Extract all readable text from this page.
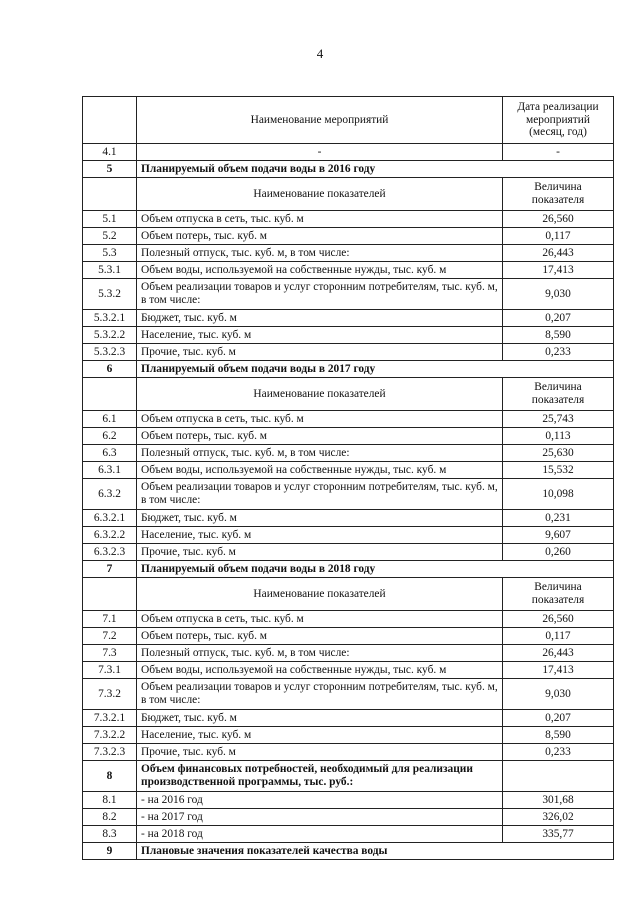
4
	Наименование мероприятий	Дата реализации мероприятий (месяц, год)
4.1	-	-
5	Планируемый объем подачи воды в 2016 году	
	Наименование показателей	Величина показателя
5.1	Объем отпуска в сеть, тыс. куб. м	26,560
5.2	Объем потерь, тыс. куб. м	0,117
5.3	Полезный отпуск, тыс. куб. м, в том числе:	26,443
5.3.1	Объем воды, используемой на собственные нужды, тыс. куб. м	17,413
5.3.2	Объем реализации товаров и услуг сторонним потребителям, тыс. куб. м, в том числе:	9,030
5.3.2.1	Бюджет, тыс. куб. м	0,207
5.3.2.2	Население, тыс. куб. м	8,590
5.3.2.3	Прочие, тыс. куб. м	0,233
6	Планируемый объем подачи воды в 2017 году	
	Наименование показателей	Величина показателя
6.1	Объем отпуска в сеть, тыс. куб. м	25,743
6.2	Объем потерь, тыс. куб. м	0,113
6.3	Полезный отпуск, тыс. куб. м, в том числе:	25,630
6.3.1	Объем воды, используемой на собственные нужды, тыс. куб. м	15,532
6.3.2	Объем реализации товаров и услуг сторонним потребителям, тыс. куб. м, в том числе:	10,098
6.3.2.1	Бюджет, тыс. куб. м	0,231
6.3.2.2	Население, тыс. куб. м	9,607
6.3.2.3	Прочие, тыс. куб. м	0,260
7	Планируемый объем подачи воды в 2018 году	
	Наименование показателей	Величина показателя
7.1	Объем отпуска в сеть, тыс. куб. м	26,560
7.2	Объем потерь, тыс. куб. м	0,117
7.3	Полезный отпуск, тыс. куб. м, в том числе:	26,443
7.3.1	Объем воды, используемой на собственные нужды, тыс. куб. м	17,413
7.3.2	Объем реализации товаров и услуг сторонним потребителям, тыс. куб. м, в том числе:	9,030
7.3.2.1	Бюджет, тыс. куб. м	0,207
7.3.2.2	Население, тыс. куб. м	8,590
7.3.2.3	Прочие, тыс. куб. м	0,233
8	Объем финансовых потребностей, необходимый для реализации производственной программы, тыс. руб.:	
8.1	- на 2016 год	301,68
8.2	- на 2017 год	326,02
8.3	- на 2018 год	335,77
9	Плановые значения показателей качества воды	
